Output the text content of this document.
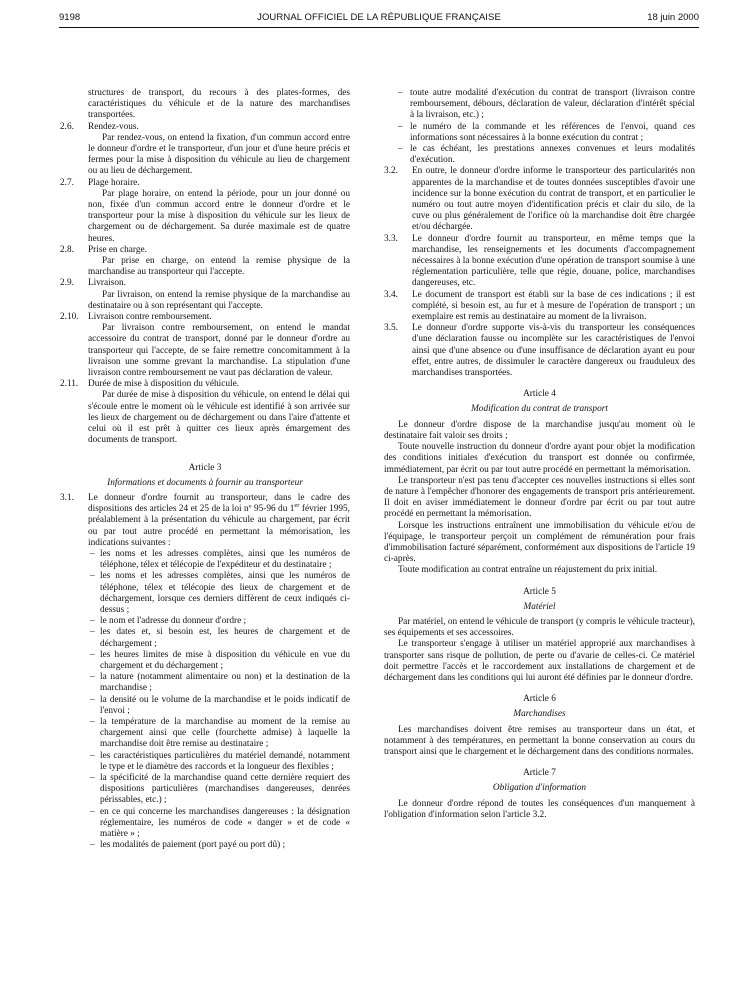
9198	JOURNAL OFFICIEL DE LA RÉPUBLIQUE FRANÇAISE	18 juin 2000

structures de transport, du recours à des plates-formes, des caractéristiques du véhicule et de la nature des marchandises transportées.

2.6. Rendez-vous.

Par rendez-vous, on entend la fixation, d'un commun accord entre le donneur d'ordre et le transporteur, d'un jour et d'une heure précis et fermes pour la mise à disposition du véhicule au lieu de chargement ou au lieu de déchargement.

2.7. Plage horaire.

Par plage horaire, on entend la période, pour un jour donné ou non, fixée d'un commun accord entre le donneur d'ordre et le transporteur pour la mise à disposition du véhicule sur les lieux de chargement ou de déchargement. Sa durée maximale est de quatre heures.

2.8. Prise en charge.

Par prise en charge, on entend la remise physique de la marchandise au transporteur qui l'accepte.

2.9. Livraison.

Par livraison, on entend la remise physique de la marchandise au destinataire ou à son représentant qui l'accepte.

2.10. Livraison contre remboursement.

Par livraison contre remboursement, on entend le mandat accessoire du contrat de transport, donné par le donneur d'ordre au transporteur qui l'accepte, de se faire remettre concomitamment à la livraison une somme grevant la marchandise. La stipulation d'une livraison contre remboursement ne vaut pas déclaration de valeur.

2.11. Durée de mise à disposition du véhicule.

Par durée de mise à disposition du véhicule, on entend le délai qui s'écoule entre le moment où le véhicule est identifié à son arrivée sur les lieux de chargement ou de déchargement ou dans l'aire d'attente et celui où il est prêt à quitter ces lieux après émargement des documents de transport.

Article 3

Informations et documents à fournir au transporteur

3.1. Le donneur d'ordre fournit au transporteur, dans le cadre des dispositions des articles 24 et 25 de la loi nº 95-96 du 1er février 1995, préalablement à la présentation du véhicule au chargement, par écrit ou par tout autre procédé en permettant la mémorisation, les indications suivantes :

– les noms et les adresses complètes, ainsi que les numéros de téléphone, télex et télécopie de l'expéditeur et du destinataire ;
– les noms et les adresses complètes, ainsi que les numéros de téléphone, télex et télécopie des lieux de chargement et de déchargement, lorsque ces derniers diffèrent de ceux indiqués ci-dessus ;
– le nom et l'adresse du donneur d'ordre ;
– les dates et, si besoin est, les heures de chargement et de déchargement ;
– les heures limites de mise à disposition du véhicule en vue du chargement et du déchargement ;
– la nature (notamment alimentaire ou non) et la destination de la marchandise ;
– la densité ou le volume de la marchandise et le poids indicatif de l'envoi ;
– la température de la marchandise au moment de la remise au chargement ainsi que celle (fourchette admise) à laquelle la marchandise doit être remise au destinataire ;
– les caractéristiques particulières du matériel demandé, notamment le type et le diamètre des raccords et la longueur des flexibles ;
– la spécificité de la marchandise quand cette dernière requiert des dispositions particulières (marchandises dangereuses, denrées périssables, etc.) ;
– en ce qui concerne les marchandises dangereuses : la désignation réglementaire, les numéros de code « danger » et de code « matière » ;
– les modalités de paiement (port payé ou port dû) ;
– toute autre modalité d'exécution du contrat de transport (livraison contre remboursement, débours, déclaration de valeur, déclaration d'intérêt spécial à la livraison, etc.) ;
– le numéro de la commande et les références de l'envoi, quand ces informations sont nécessaires à la bonne exécution du contrat ;
– le cas échéant, les prestations annexes convenues et leurs modalités d'exécution.
3.2. En outre, le donneur d'ordre informe le transporteur des particularités non apparentes de la marchandise et de toutes données susceptibles d'avoir une incidence sur la bonne exécution du contrat de transport, et en particulier le numéro ou tout autre moyen d'identification précis et clair du silo, de la cuve ou plus généralement de l'orifice où la marchandise doit être chargée et/ou déchargée.

3.3. Le donneur d'ordre fournit au transporteur, en même temps que la marchandise, les renseignements et les documents d'accompagnement nécessaires à la bonne exécution d'une opération de transport soumise à une réglementation particulière, telle que régie, douane, police, marchandises dangereuses, etc.

3.4. Le document de transport est établi sur la base de ces indications ; il est complété, si besoin est, au fur et à mesure de l'opération de transport ; un exemplaire est remis au destinataire au moment de la livraison.

3.5. Le donneur d'ordre supporte vis-à-vis du transporteur les conséquences d'une déclaration fausse ou incomplète sur les caractéristiques de l'envoi ainsi que d'une absence ou d'une insuffisance de déclaration ayant eu pour effet, entre autres, de dissimuler le caractère dangereux ou frauduleux des marchandises transportées.

Article 4

Modification du contrat de transport

Le donneur d'ordre dispose de la marchandise jusqu'au moment où le destinataire fait valoir ses droits ;

Toute nouvelle instruction du donneur d'ordre ayant pour objet la modification des conditions initiales d'exécution du transport est donnée ou confirmée, immédiatement, par écrit ou par tout autre procédé en permettant la mémorisation.

Le transporteur n'est pas tenu d'accepter ces nouvelles instructions si elles sont de nature à l'empêcher d'honorer des engagements de transport pris antérieurement. Il doit en aviser immédiatement le donneur d'ordre par écrit ou par tout autre procédé en permettant la mémorisation.

Lorsque les instructions entraînent une immobilisation du véhicule et/ou de l'équipage, le transporteur perçoit un complément de rémunération pour frais d'immobilisation facturé séparément, conformément aux dispositions de l'article 19 ci-après.

Toute modification au contrat entraîne un réajustement du prix initial.

Article 5

Matériel

Par matériel, on entend le véhicule de transport (y compris le véhicule tracteur), ses équipements et ses accessoires.

Le transporteur s'engage à utiliser un matériel approprié aux marchandises à transporter sans risque de pollution, de perte ou d'avarie de celles-ci. Ce matériel doit permettre l'accès et le raccordement aux installations de chargement et de déchargement dans les conditions qui lui auront été définies par le donneur d'ordre.

Article 6

Marchandises

Les marchandises doivent être remises au transporteur dans un état, et notamment à des températures, en permettant la bonne conservation au cours du transport ainsi que le chargement et le déchargement dans des conditions normales.

Article 7

Obligation d'information

Le donneur d'ordre répond de toutes les conséquences d'un manquement à l'obligation d'information selon l'article 3.2.
